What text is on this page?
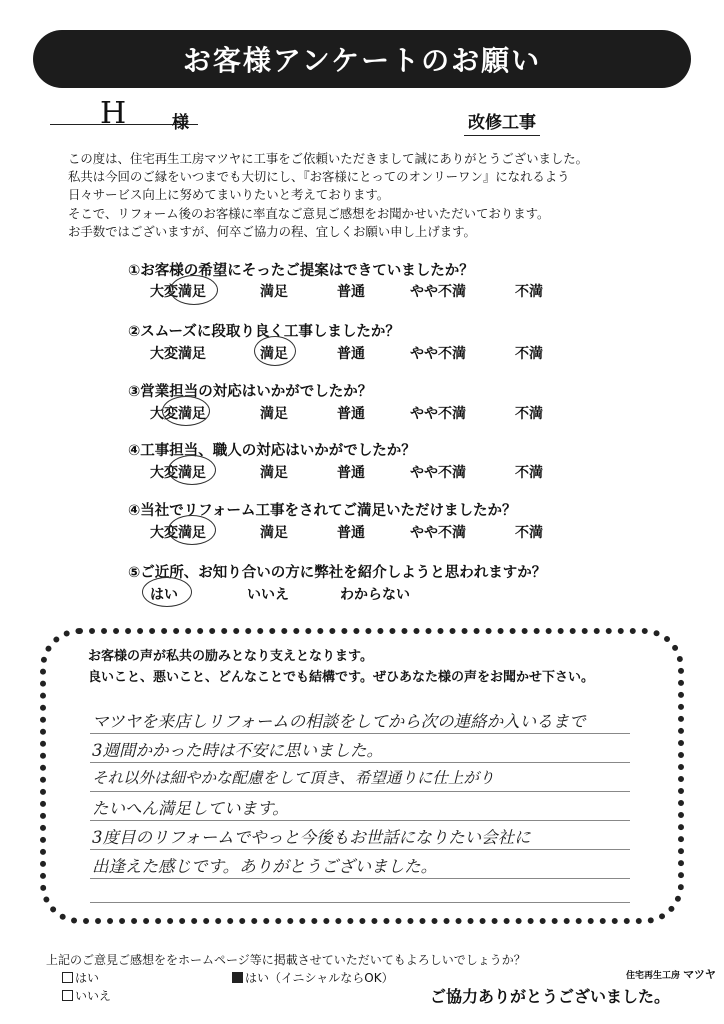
お客様アンケートのお願い
H	様	改修工事
この度は、住宅再生工房マツヤに工事をご依頼いただきまして誠にありがとうございました。
私共は今回のご縁をいつまでも大切にし、『お客様にとってのオンリーワン』になれるよう
日々サービス向上に努めてまいりたいと考えております。
そこで、リフォーム後のお客様に率直なご意見ご感想をお聞かせいただいております。
お手数ではございますが、何卒ご協力の程、宜しくお願い申し上げます。
①お客様の希望にそったご提案はできていましたか？
大変満足	満足	普通	やや不満	不満
②スムーズに段取り良く工事しましたか？
大変満足	満足	普通	やや不満	不満
③営業担当の対応はいかがでしたか？
大変満足	満足	普通	やや不満	不満
④工事担当、職人の対応はいかがでしたか？
大変満足	満足	普通	やや不満	不満
④当社でリフォーム工事をされてご満足いただけましたか？
大変満足	満足	普通	やや不満	不満
⑤ご近所、お知り合いの方に弊社を紹介しようと思われますか？
はい	いいえ	わからない
お客様の声が私共の励みとなり支えとなります。
良いこと、悪いこと、どんなことでも結構です。ぜひあなた様の声をお聞かせ下さい。
マツヤを来店しリフォームの相談をしてから次の連絡か入いるまで
3週間かかった時は不安に思いました。
それ以外は細やかな配慮をして頂き、希望通りに仕上がり
たいへん満足しています。
3度目のリフォームでやっと今後もお世話になりたい会社に
出逢えた感じです。ありがとうございました。
上記のご意見ご感想ををホームページ等に掲載させていただいてもよろしいでしょうか？
はい
いいえ
はい（イニシャルならOK）	住宅再生工房 マツヤ
ご協力ありがとうございました。
